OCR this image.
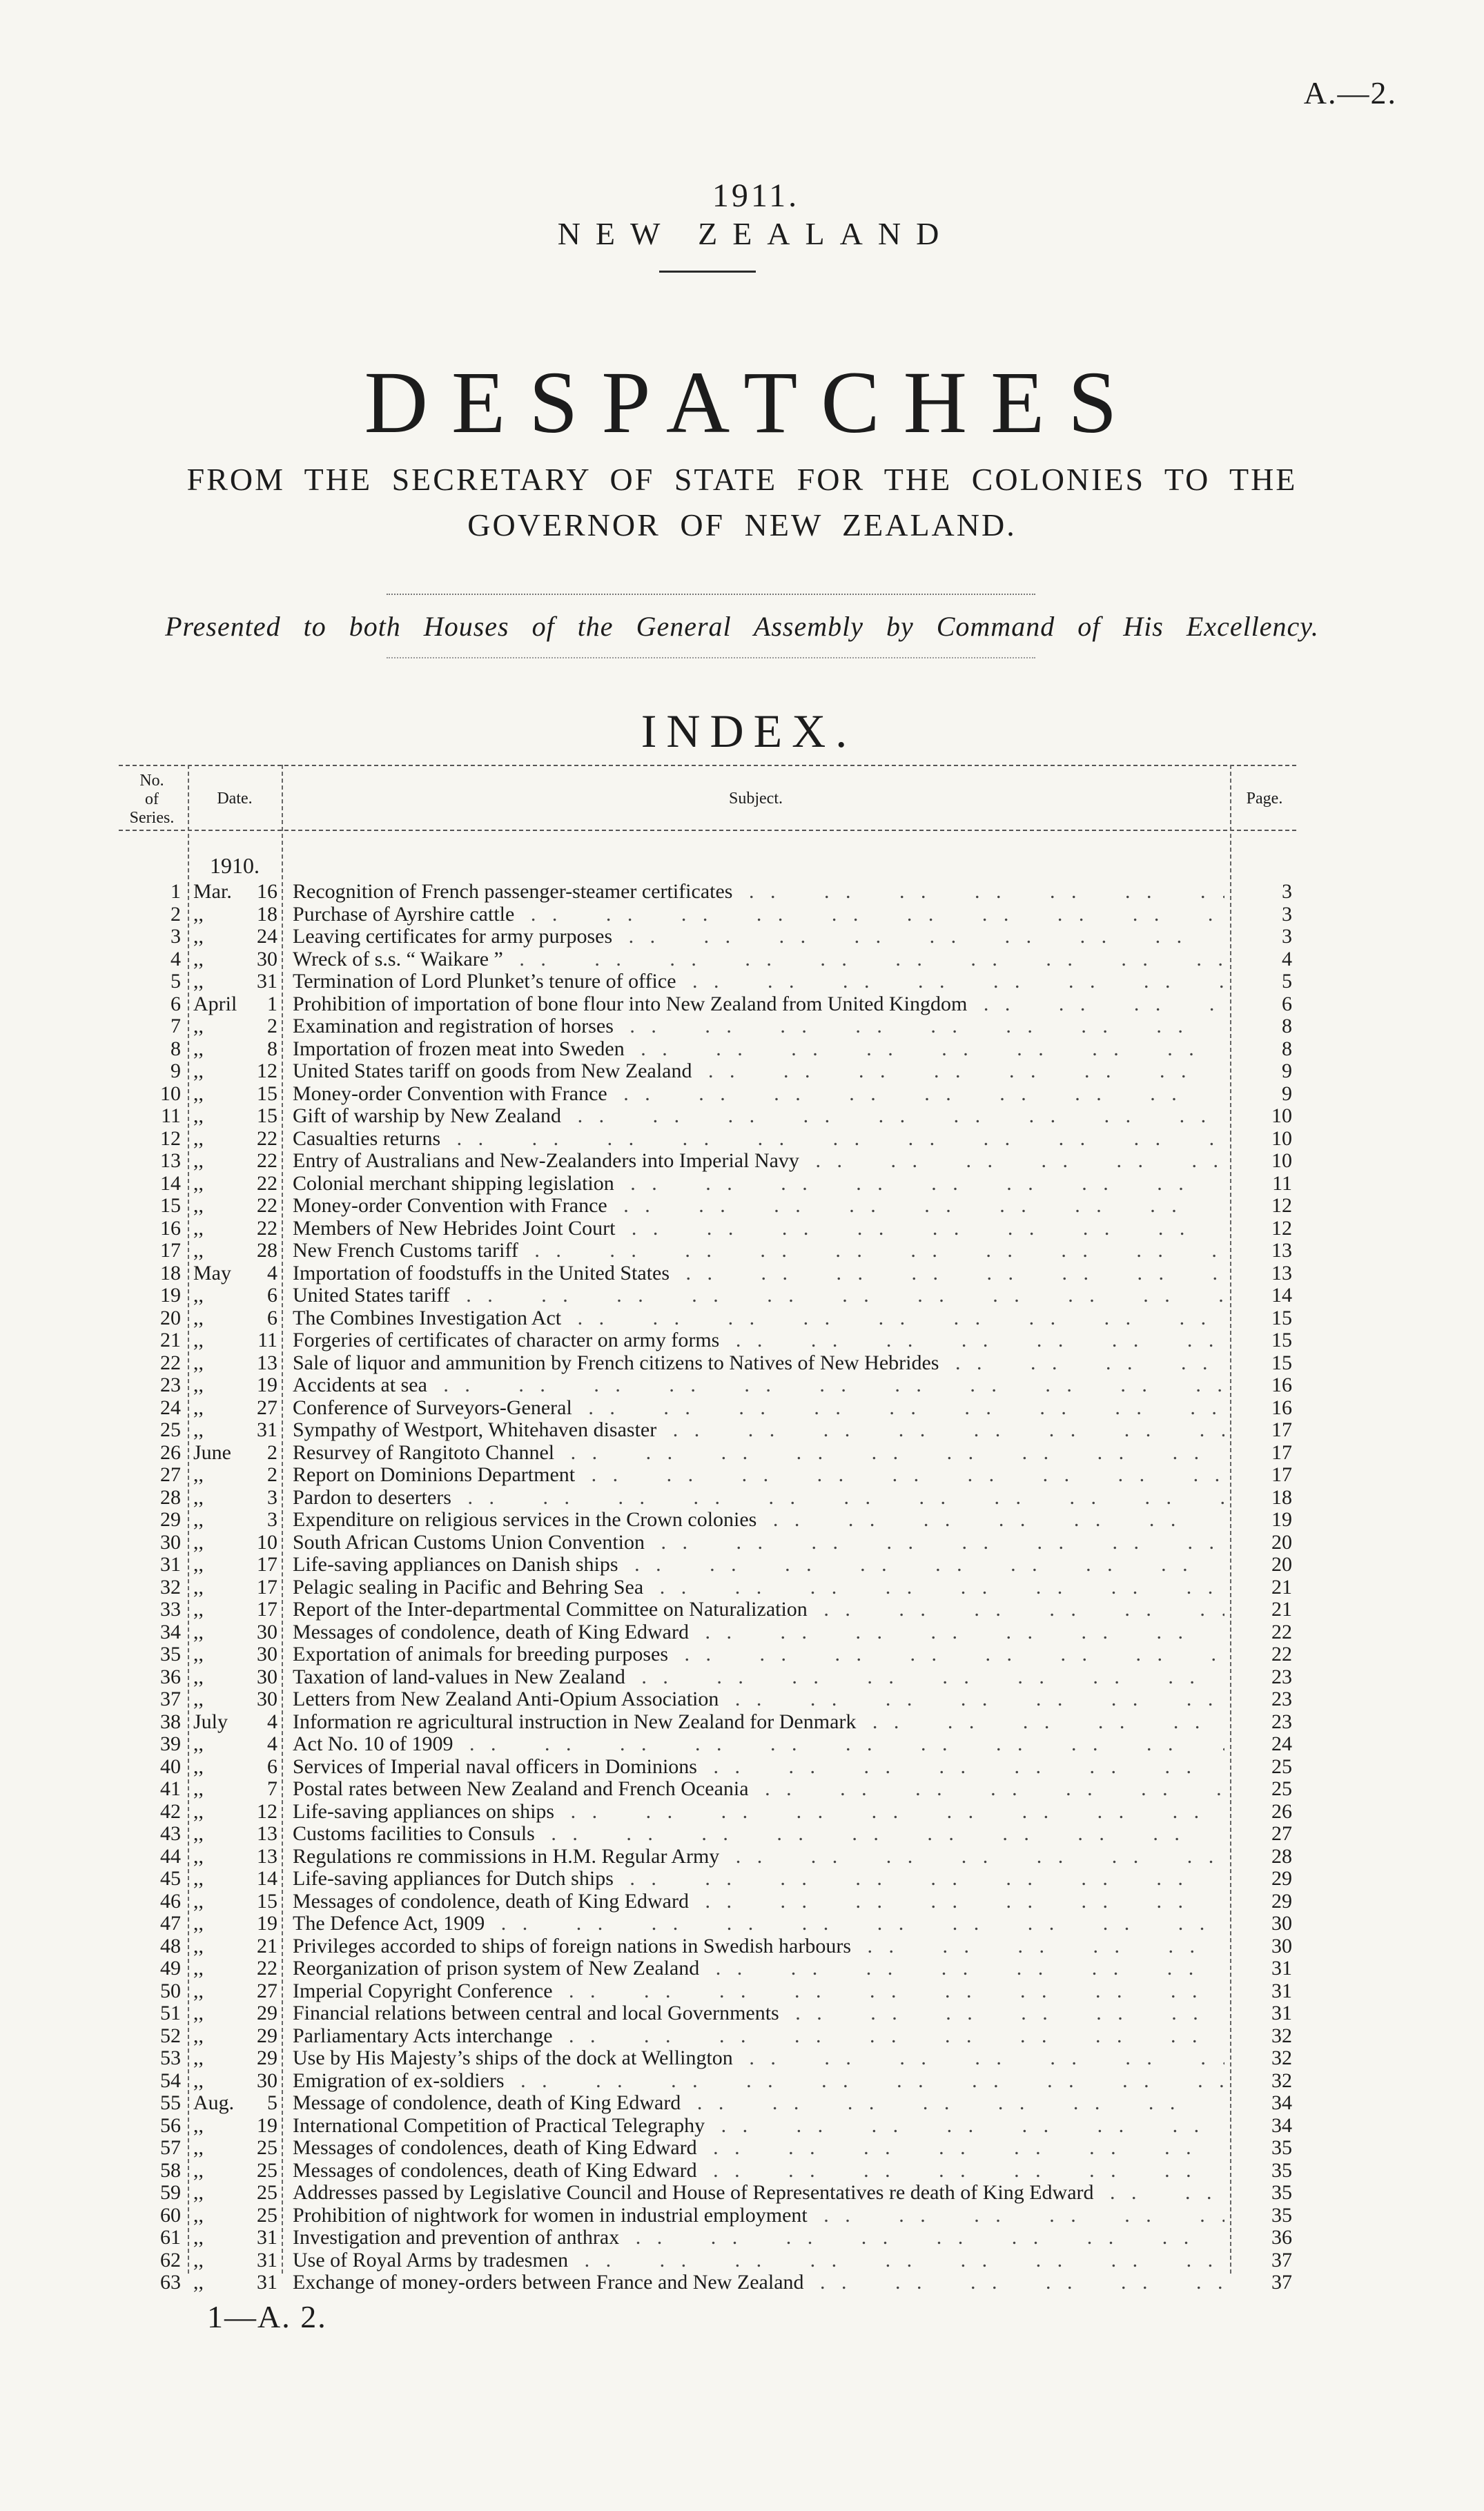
A.—2.
1911.
NEW ZEALAND
DESPATCHES
FROM THE SECRETARY OF STATE FOR THE COLONIES TO THE
GOVERNOR OF NEW ZEALAND.
Presented to both Houses of the General Assembly by Command of His Excellency.
INDEX.
No.
of
Series.
Date.	Subject.	Page.
1910.
1 Mar.	16 Recognition of French passenger-steamer certificates . .	3
2 ,,	18 Purchase of Ayrshire cattle . .	3
3 ,,	24 Leaving certificates for army purposes . .	3
4 ,,	30 Wreck of s.s. “ Waikare ” . .	4
5 ,,	31 Termination of Lord Plunket’s tenure of office . .	5
6 April	1 Prohibition of importation of bone flour into New Zealand from United Kingdom . .	6
7 ,,	2 Examination and registration of horses . .	8
8 ,,	8 Importation of frozen meat into Sweden . .	8
9 ,,	12 United States tariff on goods from New Zealand . .	9
10 ,,	15 Money-order Convention with France . .	9
11 ,,	15 Gift of warship by New Zealand . .	10
12 ,,	22 Casualties returns . .	10
13 ,,	22 Entry of Australians and New-Zealanders into Imperial Navy . .	10
14 ,,	22 Colonial merchant shipping legislation . .	11
15 ,,	22 Money-order Convention with France . .	12
16 ,,	22 Members of New Hebrides Joint Court . .	12
17 ,,	28 New French Customs tariff . .	13
18 May	4 Importation of foodstuffs in the United States . .	13
19 ,,	6 United States tariff . .	14
20 ,,	6 The Combines Investigation Act . .	15
21 ,,	11 Forgeries of certificates of character on army forms . .	15
22 ,,	13 Sale of liquor and ammunition by French citizens to Natives of New Hebrides . .	15
23 ,,	19 Accidents at sea . .	16
24 ,,	27 Conference of Surveyors-General . .	16
25 ,,	31 Sympathy of Westport, Whitehaven disaster . .	17
26 June	2 Resurvey of Rangitoto Channel . .	17
27 ,,	2 Report on Dominions Department . .	17
28 ,,	3 Pardon to deserters . .	18
29 ,,	3 Expenditure on religious services in the Crown colonies . .	19
30 ,,	10 South African Customs Union Convention . .	20
31 ,,	17 Life-saving appliances on Danish ships . .	20
32 ,,	17 Pelagic sealing in Pacific and Behring Sea . .	21
33 ,,	17 Report of the Inter-departmental Committee on Naturalization . .	21
34 ,,	30 Messages of condolence, death of King Edward . .	22
35 ,,	30 Exportation of animals for breeding purposes . .	22
36 ,,	30 Taxation of land-values in New Zealand . .	23
37 ,,	30 Letters from New Zealand Anti-Opium Association . .	23
38 July	4 Information re agricultural instruction in New Zealand for Denmark . .	23
39 ,,	4 Act No. 10 of 1909 . .	24
40 ,,	6 Services of Imperial naval officers in Dominions . .	25
41 ,,	7 Postal rates between New Zealand and French Oceania . .	25
42 ,,	12 Life-saving appliances on ships . .	26
43 ,,	13 Customs facilities to Consuls . .	27
44 ,,	13 Regulations re commissions in H.M. Regular Army . .	28
45 ,,	14 Life-saving appliances for Dutch ships . .	29
46 ,,	15 Messages of condolence, death of King Edward . .	29
47 ,,	19 The Defence Act, 1909 . .	30
48 ,,	21 Privileges accorded to ships of foreign nations in Swedish harbours . .	30
49 ,,	22 Reorganization of prison system of New Zealand . .	31
50 ,,	27 Imperial Copyright Conference . .	31
51 ,,	29 Financial relations between central and local Governments . .	31
52 ,,	29 Parliamentary Acts interchange . .	32
53 ,,	29 Use by His Majesty’s ships of the dock at Wellington . .	32
54 ,,	30 Emigration of ex-soldiers . .	32
55 Aug.	5 Message of condolence, death of King Edward . .	34
56 ,,	19 International Competition of Practical Telegraphy . .	34
57 ,,	25 Messages of condolences, death of King Edward . .	35
58 ,,	25 Messages of condolences, death of King Edward . .	35
59 ,,	25 Addresses passed by Legislative Council and House of Representatives re death of King Edward . .	35
60 ,,	25 Prohibition of nightwork for women in industrial employment . .	35
61 ,,	31 Investigation and prevention of anthrax . .	36
62 ,,	31 Use of Royal Arms by tradesmen . .	37
63 ,,	31 Exchange of money-orders between France and New Zealand . .	37
1—A. 2.
